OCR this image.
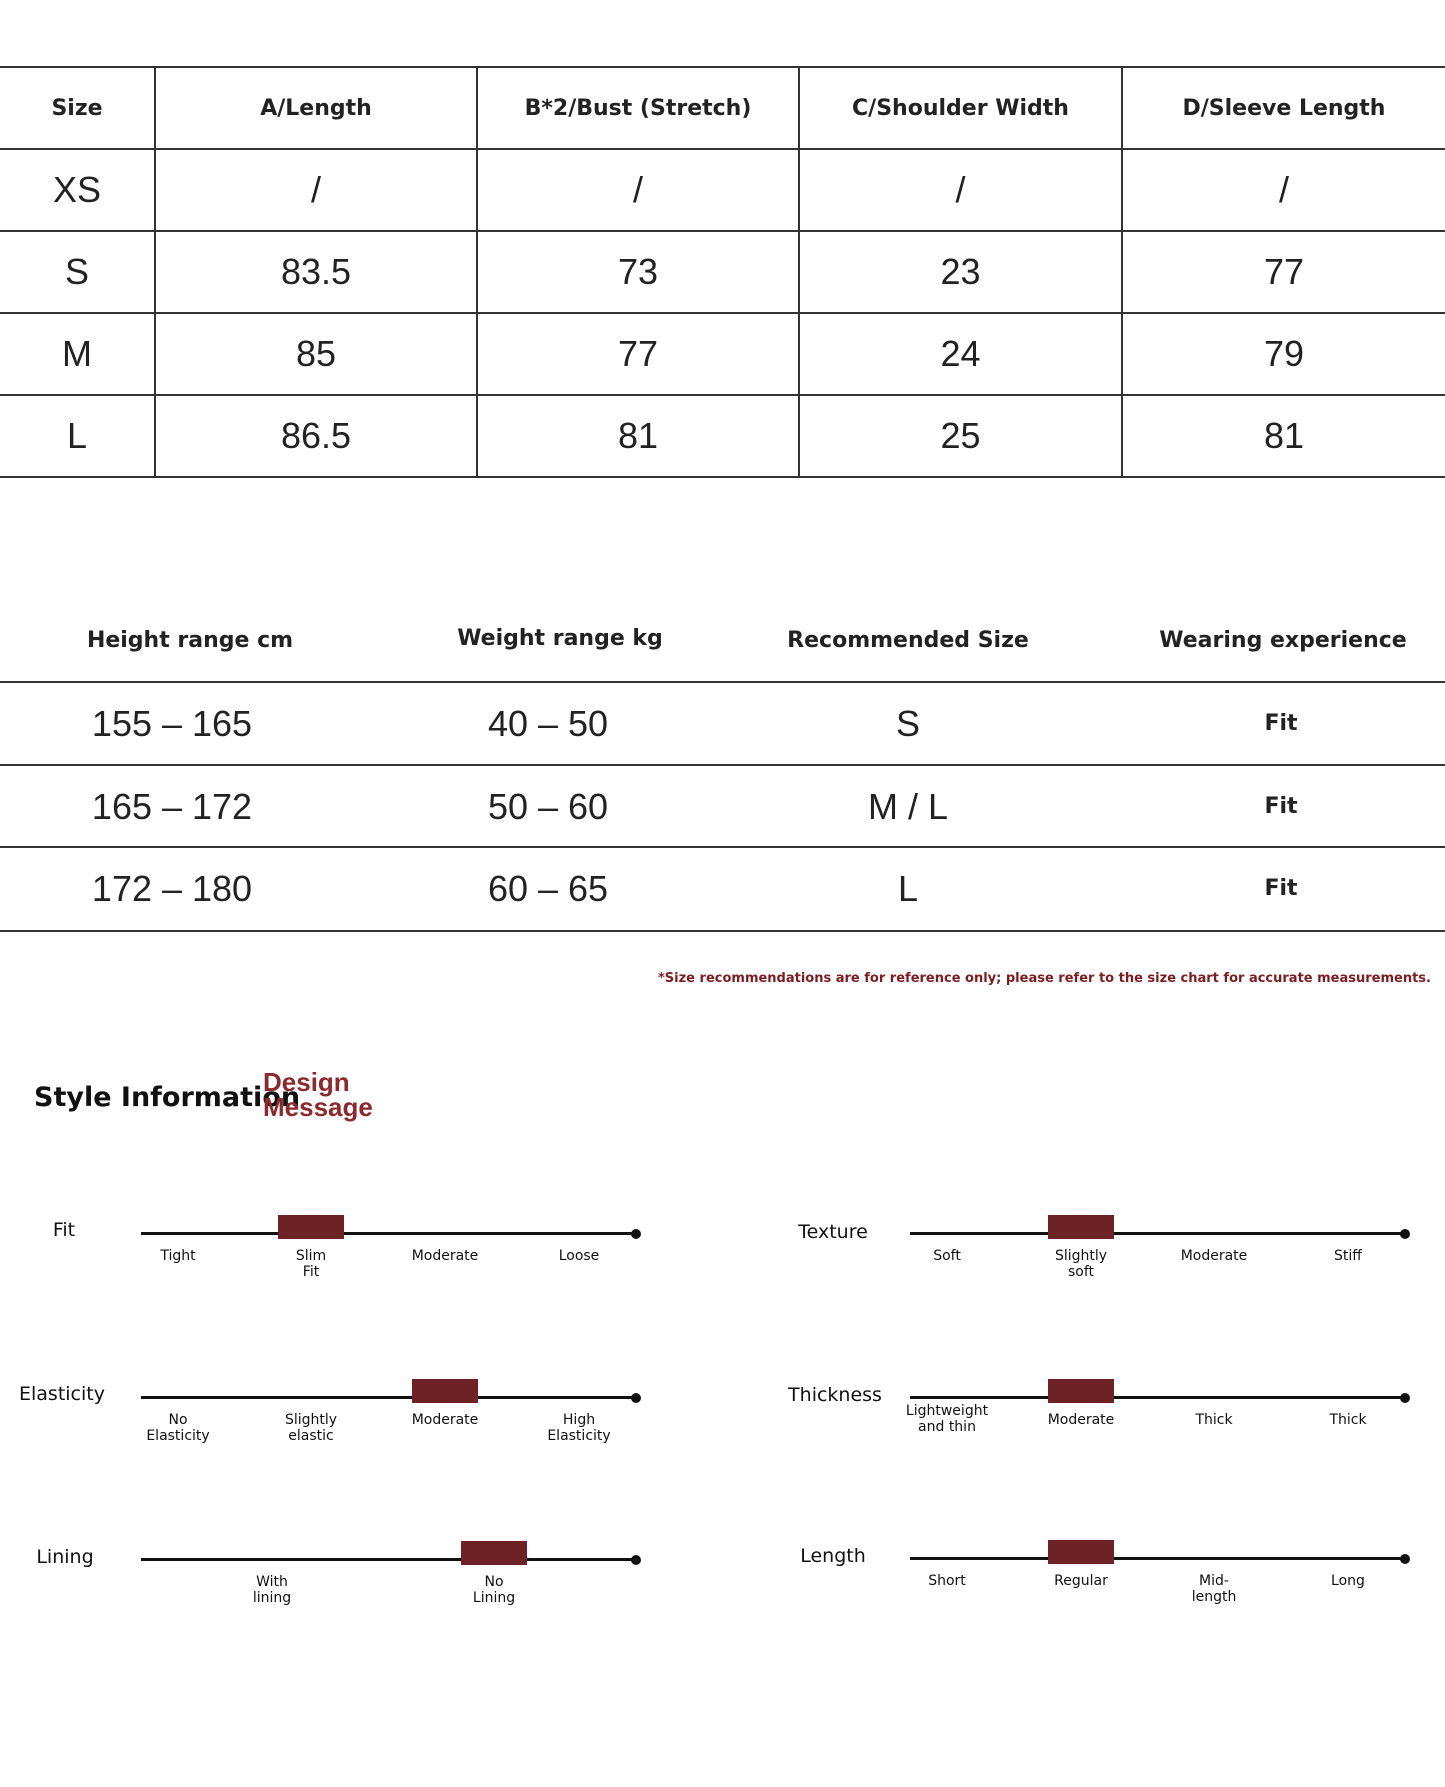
Size	A/Length	B*2/Bust (Stretch)	C/Shoulder Width	D/Sleeve Length
XS	/	/	/	/
S	83.5	73	23	77
M	85	77	24	79
L	86.5	81	25	81
Height range cm	Weight range kg	Recommended Size	Wearing experience
155 – 165	40 – 50	S	Fit
165 – 172	50 – 60	M / L	Fit
172 – 180	60 – 65	L	Fit
*Size recommendations are for reference only; please refer to the size chart for accurate measurements.
Style Information
Design
Message
Fit
Tight	Slim Fit
Moderate	Loose
Texture
Soft	Slightly soft
Moderate	Stiff
Elasticity
No Elasticity
Slightly elastic
Moderate	High Elasticity
Thickness
Lightweight and thin	Moderate	Thick	Thick
Lining
With lining
No Lining
Length
Short	Regular	Mid-length
Long
